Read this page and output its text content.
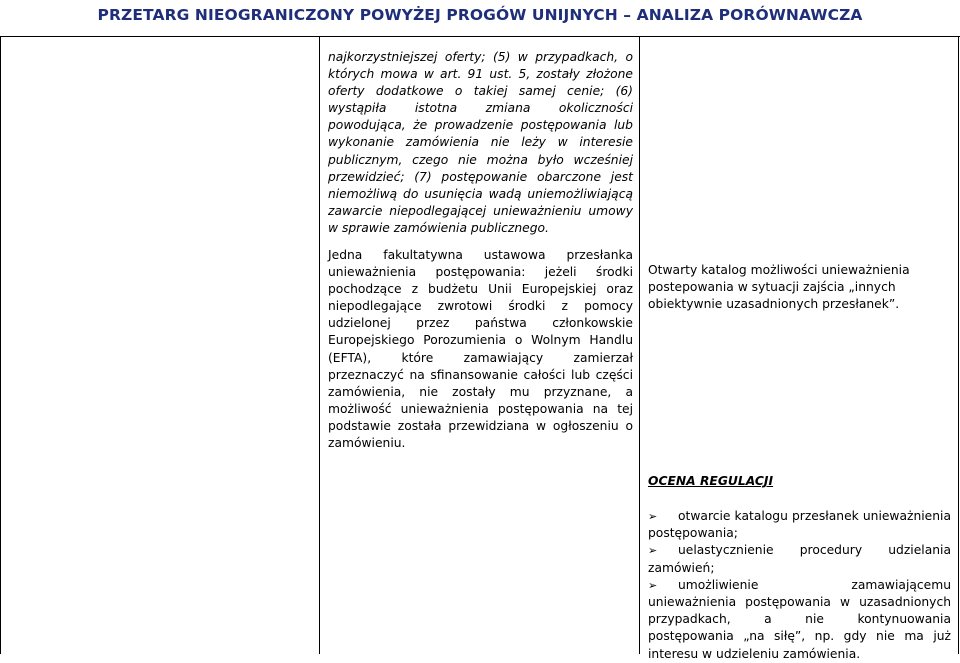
PRZETARG NIEOGRANICZONY POWYŻEJ PROGÓW UNIJNYCH – ANALIZA PORÓWNAWCZA
najkorzystniejszej oferty; (5) w przypadkach, o których mowa w art. 91 ust. 5, zostały złożone oferty dodatkowe o takiej samej cenie; (6) wystąpiła istotna zmiana okoliczności powodująca, że prowadzenie postępowania lub wykonanie zamówienia nie leży w interesie publicznym, czego nie można było wcześniej przewidzieć; (7) postępowanie obarczone jest niemożliwą do usunięcia wadą uniemożliwiającą zawarcie niepodlegającej unieważnieniu umowy w sprawie zamówienia publicznego.
Jedna fakultatywna ustawowa przesłanka unieważnienia postępowania: jeżeli środki pochodzące z budżetu Unii Europejskiej oraz niepodlegające zwrotowi środki z pomocy udzielonej przez państwa członkowskie Europejskiego Porozumienia o Wolnym Handlu (EFTA), które zamawiający zamierzał przeznaczyć na sfinansowanie całości lub części zamówienia, nie zostały mu przyznane, a możliwość unieważnienia postępowania na tej podstawie została przewidziana w ogłoszeniu o zamówieniu.
Otwarty katalog możliwości unieważnienia postepowania w sytuacji zajścia „innych obiektywnie uzasadnionych przesłanek”.
OCENA REGULACJI
➢ otwarcie katalogu przesłanek unieważnienia postępowania;
➢ uelastycznienie procedury udzielania zamówień;
➢ umożliwienie zamawiającemu unieważnienia postępowania w uzasadnionych przypadkach, a nie kontynuowania postępowania „na siłę”, np. gdy nie ma już interesu w udzieleniu zamówienia.
